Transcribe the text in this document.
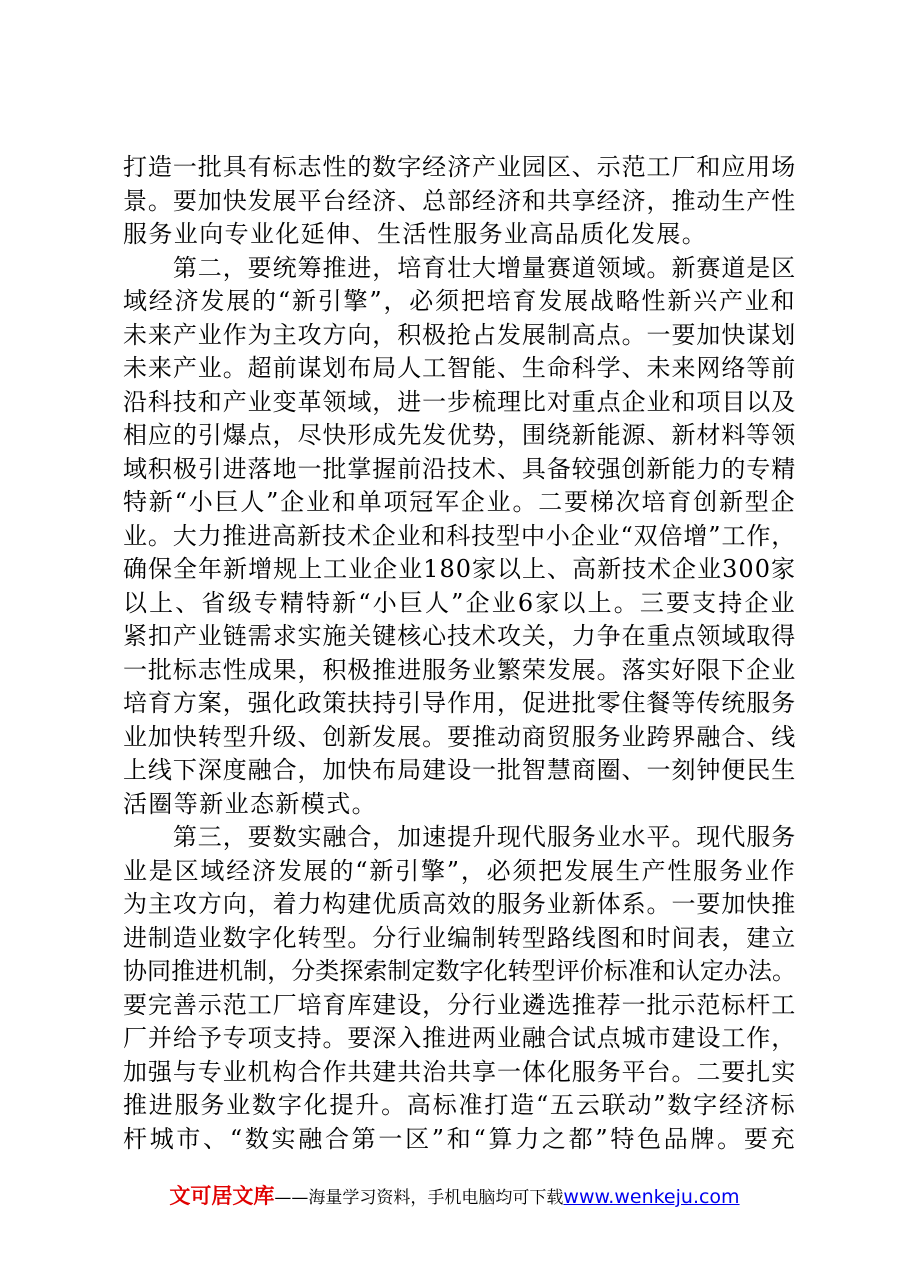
打造一批具有标志性的数字经济产业园区、示范工厂和应用场
景。要加快发展平台经济、总部经济和共享经济，推动生产性
服务业向专业化延伸、生活性服务业高品质化发展。
　　第二，要统筹推进，培育壮大增量赛道领域。新赛道是区
域经济发展的“新引擎”，必须把培育发展战略性新兴产业和
未来产业作为主攻方向，积极抢占发展制高点。一要加快谋划
未来产业。超前谋划布局人工智能、生命科学、未来网络等前
沿科技和产业变革领域，进一步梳理比对重点企业和项目以及
相应的引爆点，尽快形成先发优势，围绕新能源、新材料等领
域积极引进落地一批掌握前沿技术、具备较强创新能力的专精
特新“小巨人”企业和单项冠军企业。二要梯次培育创新型企
业。大力推进高新技术企业和科技型中小企业“双倍增”工作，
确保全年新增规上工业企业180家以上、高新技术企业300家
以上、省级专精特新“小巨人”企业6家以上。三要支持企业
紧扣产业链需求实施关键核心技术攻关，力争在重点领域取得
一批标志性成果，积极推进服务业繁荣发展。落实好限下企业
培育方案，强化政策扶持引导作用，促进批零住餐等传统服务
业加快转型升级、创新发展。要推动商贸服务业跨界融合、线
上线下深度融合，加快布局建设一批智慧商圈、一刻钟便民生
活圈等新业态新模式。
　　第三，要数实融合，加速提升现代服务业水平。现代服务
业是区域经济发展的“新引擎”，必须把发展生产性服务业作
为主攻方向，着力构建优质高效的服务业新体系。一要加快推
进制造业数字化转型。分行业编制转型路线图和时间表，建立
协同推进机制，分类探索制定数字化转型评价标准和认定办法。
要完善示范工厂培育库建设，分行业遴选推荐一批示范标杆工
厂并给予专项支持。要深入推进两业融合试点城市建设工作，
加强与专业机构合作共建共治共享一体化服务平台。二要扎实
推进服务业数字化提升。高标准打造“五云联动”数字经济标
杆城市、“数实融合第一区”和“算力之都”特色品牌。要充
文可居文库——海量学习资料，手机电脑均可下载www.wenkeju.com
